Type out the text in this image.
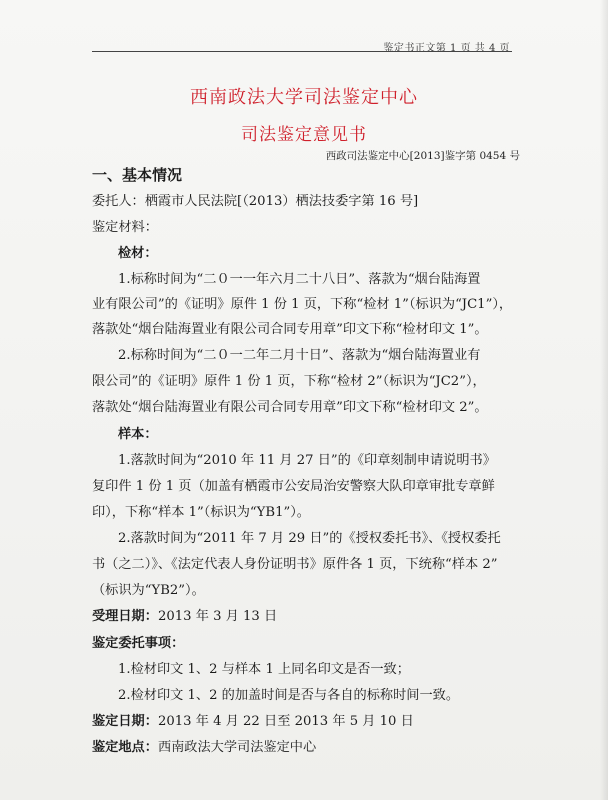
鉴定书正文第 1 页 共 4 页
西南政法大学司法鉴定中心
司法鉴定意见书
西政司法鉴定中心[2013]鉴字第 0454 号
一、基本情况
委托人：栖霞市人民法院[（2013）栖法技委字第 16 号]
鉴定材料：
检材：
1.标称时间为“二０一一年六月二十八日”、落款为“烟台陆海置
业有限公司”的《证明》原件 1 份 1 页，下称“检材 1”（标识为“JC1”），
落款处“烟台陆海置业有限公司合同专用章”印文下称“检材印文 1”。
2.标称时间为“二０一二年二月十日”、落款为“烟台陆海置业有
限公司”的《证明》原件 1 份 1 页，下称“检材 2”（标识为“JC2”），
落款处“烟台陆海置业有限公司合同专用章”印文下称“检材印文 2”。
样本：
1.落款时间为“2010 年 11 月 27 日”的《印章刻制申请说明书》
复印件 1 份 1 页（加盖有栖霞市公安局治安警察大队印章审批专章鲜
印），下称“样本 1”（标识为“YB1”）。
2.落款时间为“2011 年 7 月 29 日”的《授权委托书》、《授权委托
书（之二）》、《法定代表人身份证明书》原件各 1 页，下统称“样本 2”
（标识为“YB2”）。
受理日期：2013 年 3 月 13 日
鉴定委托事项：
1.检材印文 1、2 与样本 1 上同名印文是否一致；
2.检材印文 1、2 的加盖时间是否与各自的标称时间一致。
鉴定日期：2013 年 4 月 22 日至 2013 年 5 月 10 日
鉴定地点：西南政法大学司法鉴定中心
